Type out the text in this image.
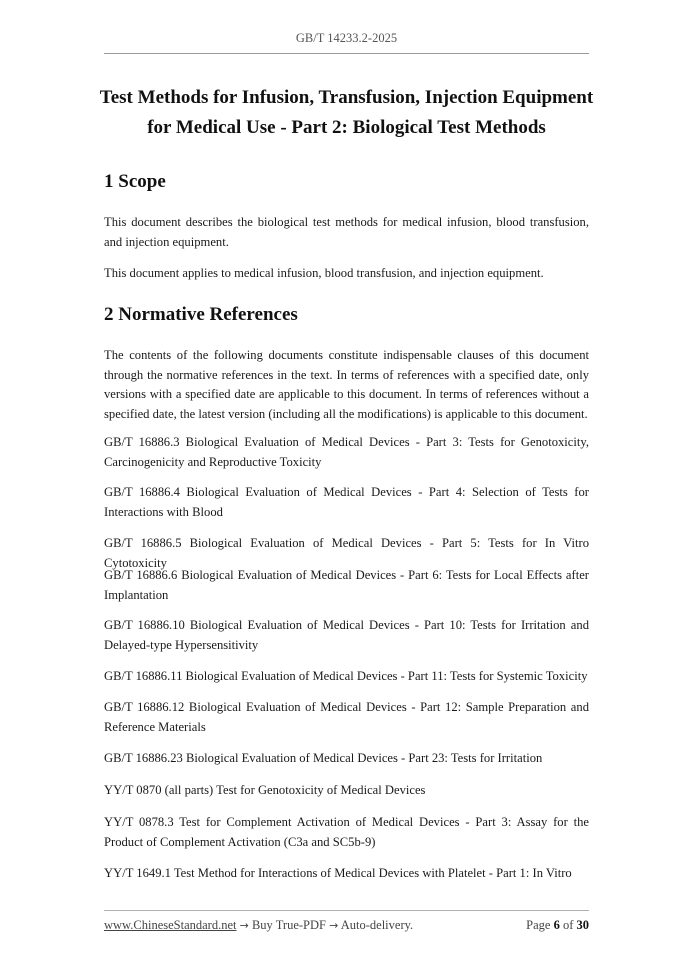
GB/T 14233.2-2025
Test Methods for Infusion, Transfusion, Injection Equipment
for Medical Use - Part 2: Biological Test Methods
1 Scope

This document describes the biological test methods for medical infusion, blood transfusion, and injection equipment.

This document applies to medical infusion, blood transfusion, and injection equipment.

2 Normative References

The contents of the following documents constitute indispensable clauses of this document through the normative references in the text. In terms of references with a specified date, only versions with a specified date are applicable to this document. In terms of references without a specified date, the latest version (including all the modifications) is applicable to this document.

GB/T 16886.3 Biological Evaluation of Medical Devices - Part 3: Tests for Genotoxicity, Carcinogenicity and Reproductive Toxicity

GB/T 16886.4 Biological Evaluation of Medical Devices - Part 4: Selection of Tests for Interactions with Blood

GB/T 16886.5 Biological Evaluation of Medical Devices - Part 5: Tests for In Vitro Cytotoxicity

GB/T 16886.6 Biological Evaluation of Medical Devices - Part 6: Tests for Local Effects after Implantation

GB/T 16886.10 Biological Evaluation of Medical Devices - Part 10: Tests for Irritation and Delayed-type Hypersensitivity

GB/T 16886.11 Biological Evaluation of Medical Devices - Part 11: Tests for Systemic Toxicity

GB/T 16886.12 Biological Evaluation of Medical Devices - Part 12: Sample Preparation and Reference Materials

GB/T 16886.23 Biological Evaluation of Medical Devices - Part 23: Tests for Irritation

YY/T 0870 (all parts) Test for Genotoxicity of Medical Devices

YY/T 0878.3 Test for Complement Activation of Medical Devices - Part 3: Assay for the Product of Complement Activation (C3a and SC5b-9)

YY/T 1649.1 Test Method for Interactions of Medical Devices with Platelet - Part 1: In Vitro

www.ChineseStandard.net → Buy True-PDF → Auto-delivery.	Page 6 of 30
